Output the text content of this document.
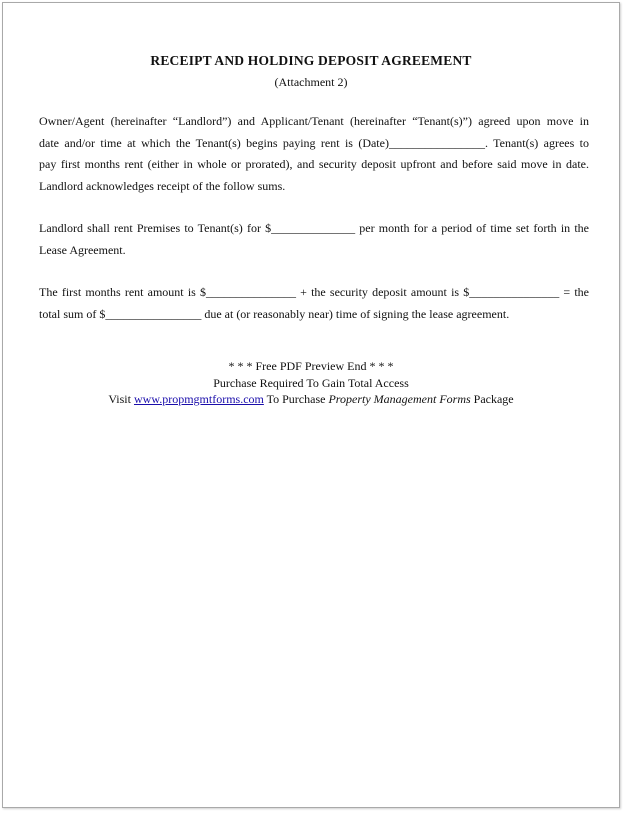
RECEIPT AND HOLDING DEPOSIT AGREEMENT
(Attachment 2)
Owner/Agent (hereinafter “Landlord”) and Applicant/Tenant (hereinafter “Tenant(s)”) agreed upon move in
date and/or time at which the Tenant(s) begins paying rent is (Date)________________. Tenant(s) agrees to
pay first months rent (either in whole or prorated), and security deposit upfront and before said move in date.
Landlord acknowledges receipt of the follow sums.
Landlord shall rent Premises to Tenant(s) for $______________ per month for a period of time set forth in the
Lease Agreement.
The first months rent amount is $_______________ + the security deposit amount is $_______________ = the
total sum of $________________ due at (or reasonably near) time of signing the lease agreement.
* * * Free PDF Preview End * * *
Purchase Required To Gain Total Access
Visit www.propmgmtforms.com To Purchase Property Management Forms Package
